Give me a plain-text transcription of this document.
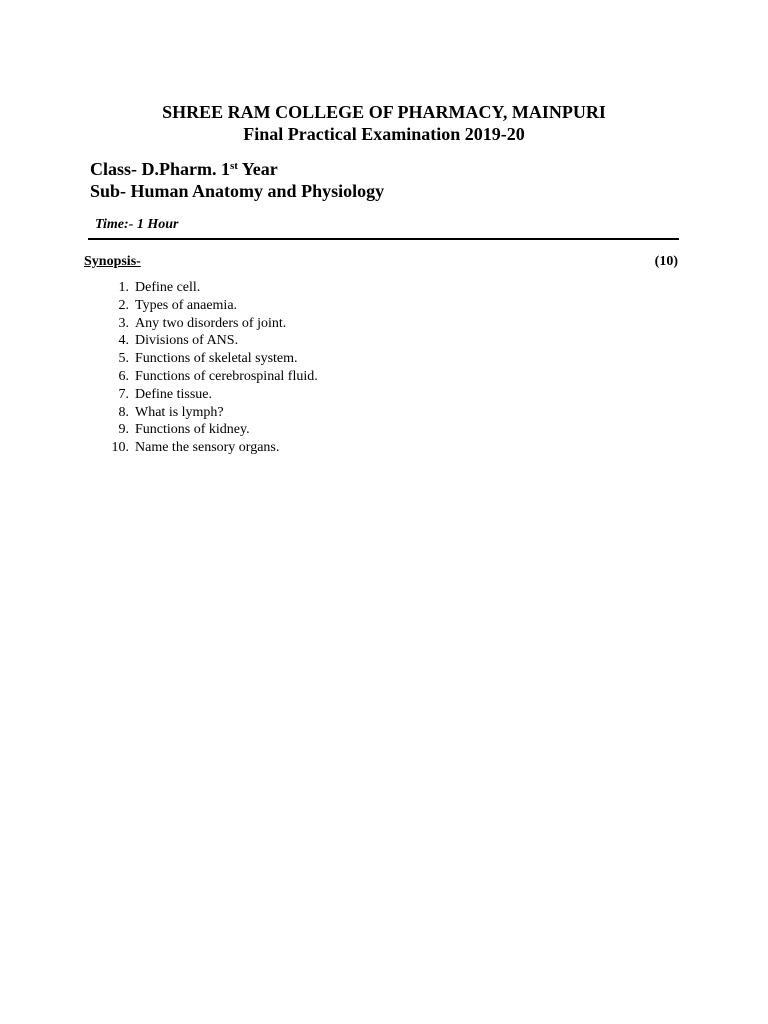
SHREE RAM COLLEGE OF PHARMACY, MAINPURI
Final Practical Examination 2019-20
Class- D.Pharm. 1st Year
Sub- Human Anatomy and Physiology
Time:- 1 Hour
Synopsis-	(10)
1. Define cell.
2. Types of anaemia.
3. Any two disorders of joint.
4. Divisions of ANS.
5. Functions of skeletal system.
6. Functions of cerebrospinal fluid.
7. Define tissue.
8. What is lymph?
9. Functions of kidney.
10. Name the sensory organs.
